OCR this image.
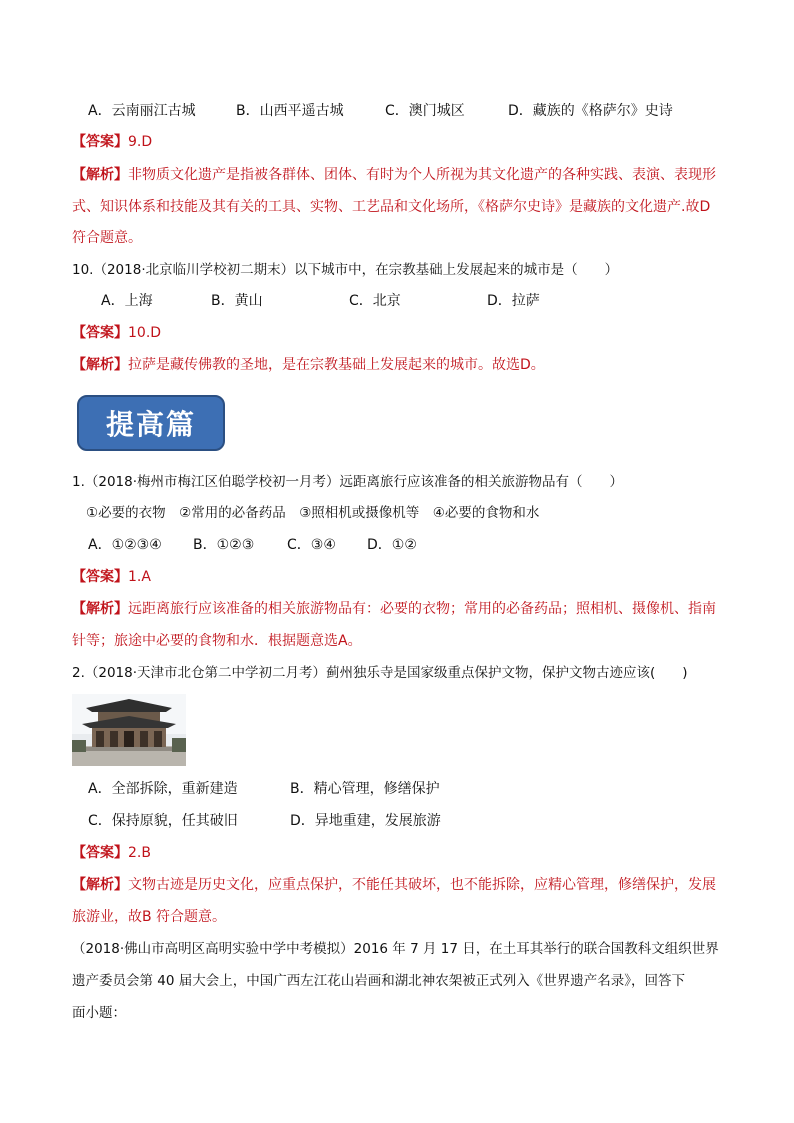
A．云南丽江古城	B．山西平遥古城	C．澳门城区	D．藏族的《格萨尔》史诗
【答案】9.D
【解析】非物质文化遗产是指被各群体、团体、有时为个人所视为其文化遗产的各种实践、表演、表现形
式、知识体系和技能及其有关的工具、实物、工艺品和文化场所，《格萨尔史诗》是藏族的文化遗产.故D
符合题意。
10.（2018·北京临川学校初二期末）以下城市中，在宗教基础上发展起来的城市是（　　）
A．上海	B．黄山	C．北京	D．拉萨
【答案】10.D
【解析】拉萨是藏传佛教的圣地，是在宗教基础上发展起来的城市。故选D。
提高篇
1.（2018·梅州市梅江区伯聪学校初一月考）远距离旅行应该准备的相关旅游物品有（　　）
①必要的衣物　②常用的必备药品　③照相机或摄像机等　④必要的食物和水
A．①②③④ B．①②③ C．③④ D．①②
【答案】1.A
【解析】远距离旅行应该准备的相关旅游物品有：必要的衣物；常用的必备药品；照相机、摄像机、指南
针等；旅途中必要的食物和水．根据题意选A。
2.（2018·天津市北仓第二中学初二月考）蓟州独乐寺是国家级重点保护文物，保护文物古迹应该(　　)
A．全部拆除，重新建造	B．精心管理，修缮保护
C．保持原貌，任其破旧	D．异地重建，发展旅游
【答案】2.B
【解析】文物古迹是历史文化，应重点保护，不能任其破坏，也不能拆除，应精心管理，修缮保护，发展
旅游业，故B 符合题意。
（2018·佛山市高明区高明实验中学中考模拟）2016 年 7 月 17 日，在土耳其举行的联合国教科文组织世界
遗产委员会第 40 届大会上，中国广西左江花山岩画和湖北神农架被正式列入《世界遗产名录》，回答下
面小题：
